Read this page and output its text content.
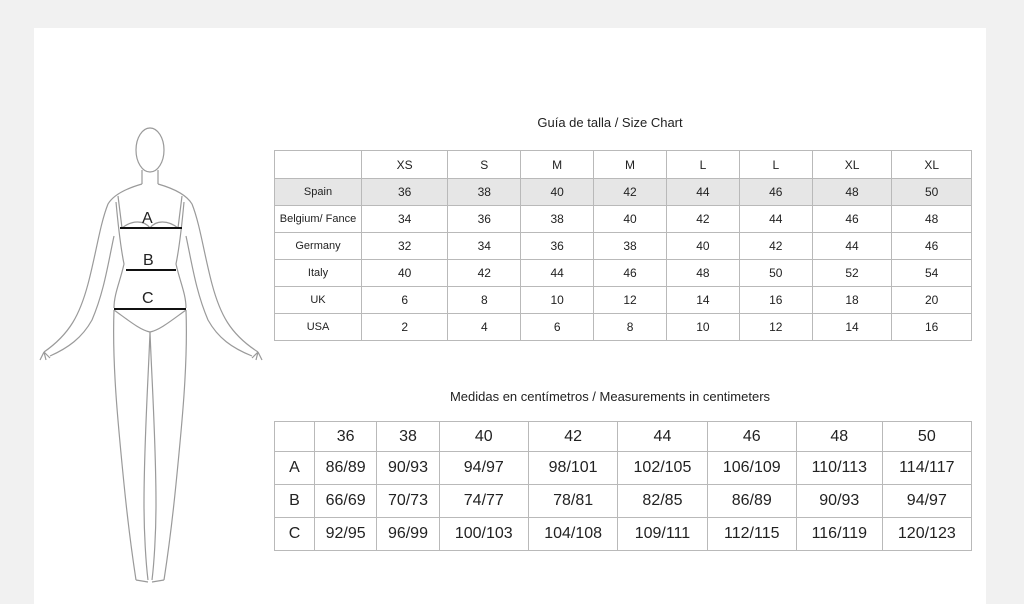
A
B
C
Guía de talla / Size Chart
	XS	S	M	M	L	L	XL	XL
Spain	36	38	40	42	44	46	48	50
Belgium/ Fance	34	36	38	40	42	44	46	48
Germany	32	34	36	38	40	42	44	46
Italy	40	42	44	46	48	50	52	54
UK	6	8	10	12	14	16	18	20
USA	2	4	6	8	10	12	14	16
Medidas en centímetros / Measurements in centimeters
	36	38	40	42	44	46	48	50
A	86/89	90/93	94/97	98/101	102/105	106/109	110/113	114/117
B	66/69	70/73	74/77	78/81	82/85	86/89	90/93	94/97
C	92/95	96/99	100/103	104/108	109/111	112/115	116/119	120/123
